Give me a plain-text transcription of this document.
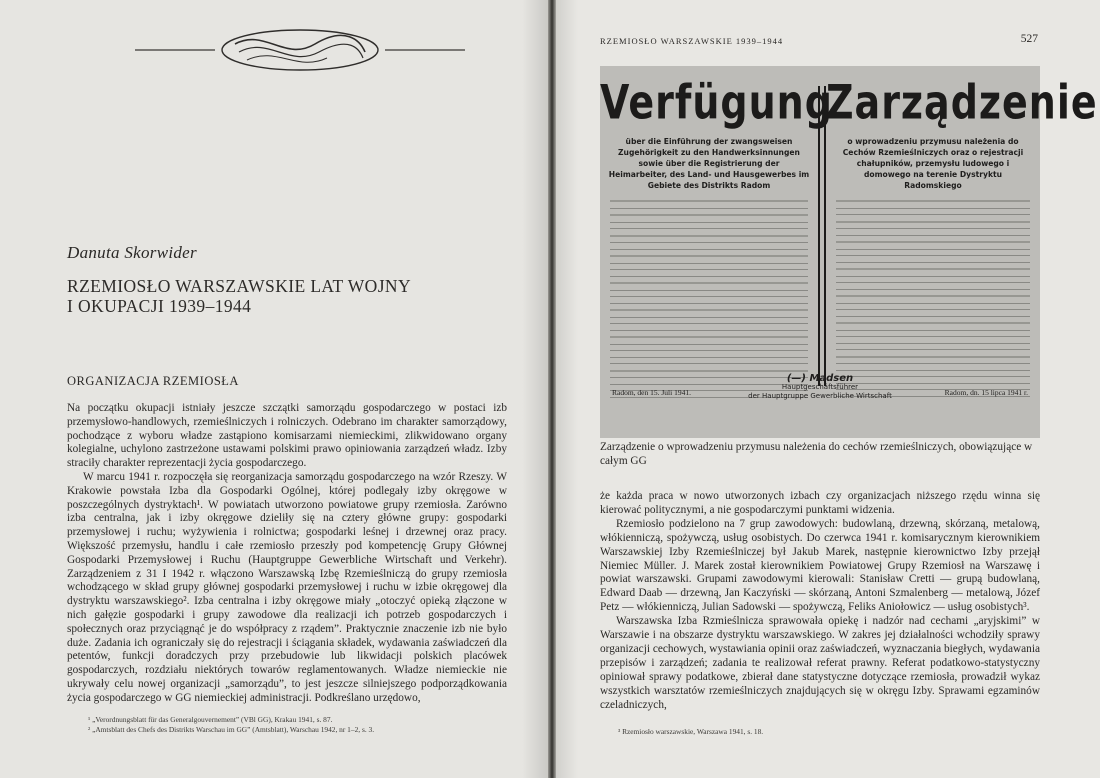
Danuta Skorwider
RZEMIOSŁO WARSZAWSKIE LAT WOJNY
I OKUPACJI 1939–1944
ORGANIZACJA RZEMIOSŁA

Na początku okupacji istniały jeszcze szczątki samorządu gospodarczego w postaci izb przemysłowo-handlowych, rzemieślniczych i rolniczych. Odebrano im charakter samorządowy, pochodzące z wyboru władze zastąpiono komisarzami niemieckimi, zlikwidowano organy kolegialne, uchylono zastrzeżone ustawami polskimi prawo opiniowania zarządzeń władz. Izby straciły charakter reprezentacji życia gospodarczego.

W marcu 1941 r. rozpoczęła się reorganizacja samorządu gospodarczego na wzór Rzeszy. W Krakowie powstała Izba dla Gospodarki Ogólnej, której podlegały izby okręgowe w poszczególnych dystryktach¹. W powiatach utworzono powiatowe grupy rzemiosła. Zarówno izba centralna, jak i izby okręgowe dzieliły się na cztery główne grupy: gospodarki przemysłowej i ruchu; wyżywienia i rolnictwa; gospodarki leśnej i drzewnej oraz pracy. Większość przemysłu, handlu i całe rzemiosło przeszły pod kompetencję Grupy Głównej Gospodarki Przemysłowej i Ruchu (Hauptgruppe Gewerbliche Wirtschaft und Verkehr). Zarządzeniem z 31 I 1942 r. włączono Warszawską Izbę Rzemieślniczą do grupy rzemiosła wchodzącego w skład grupy głównej gospodarki przemysłowej i ruchu w izbie okręgowej dla dystryktu warszawskiego². Izba centralna i izby okręgowe miały „otoczyć opieką złączone w nich gałęzie gospodarki i grupy zawodowe dla realizacji ich potrzeb gospodarczych i społecznych oraz przyciągnąć je do współpracy z rządem”. Praktycznie znaczenie izb nie było duże. Zadania ich ograniczały się do rejestracji i ściągania składek, wydawania zaświadczeń dla petentów, funkcji doradczych przy przebudowie lub likwidacji polskich placówek gospodarczych, rozdziału niektórych towarów reglamentowanych. Władze niemieckie nie ukrywały celu nowej organizacji „samorządu”, to jest jeszcze silniejszego podporządkowania życia gospodarczego w GG niemieckiej administracji. Podkreślano urzędowo,

¹ „Verordnungsblatt für das Generalgouvernement” (VBl GG), Krakau 1941, s. 87.
² „Amtsblatt des Chefs des Distrikts Warschau im GG” (Amtsblatt), Warschau 1942, nr 1–2, s. 3.
RZEMIOSŁO WARSZAWSKIE 1939–1944	527
Verfügung
über die Einführung der zwangsweisen Zugehörigkeit zu den Handwerksinnungen sowie über die Registrierung der Heimarbeiter, des Land- und Hausgewerbes im Gebiete des Distrikts Radom
Radom, den 15. Juli 1941.
Zarządzenie
o wprowadzeniu przymusu należenia do Cechów Rzemieślniczych oraz o rejestracji chałupników, przemysłu ludowego i domowego na terenie Dystryktu Radomskiego
Radom, dn. 15 lipca 1941 r.
(—) Madsen
Hauptgeschäftsführer
der Hauptgruppe Gewerbliche Wirtschaft
Zarządzenie o wprowadzeniu przymusu należenia do cechów rzemieślniczych, obowiązujące w całym GG

że każda praca w nowo utworzonych izbach czy organizacjach niższego rzędu winna się kierować politycznymi, a nie gospodarczymi punktami widzenia.

Rzemiosło podzielono na 7 grup zawodowych: budowlaną, drzewną, skórzaną, metalową, włókienniczą, spożywczą, usług osobistych. Do czerwca 1941 r. komisarycznym kierownikiem Warszawskiej Izby Rzemieślniczej był Jakub Marek, następnie kierownictwo Izby przejął Niemiec Müller. J. Marek został kierownikiem Powiatowej Grupy Rzemiosł na Warszawę i powiat warszawski. Grupami zawodowymi kierowali: Stanisław Cretti — grupą budowlaną, Edward Daab — drzewną, Jan Kaczyński — skórzaną, Antoni Szmalenberg — metalową, Józef Petz — włókienniczą, Julian Sadowski — spożywczą, Feliks Aniołowicz — usług osobistych³.

Warszawska Izba Rzmieślnicza sprawowała opiekę i nadzór nad cechami „aryjskimi” w Warszawie i na obszarze dystryktu warszawskiego. W zakres jej działalności wchodziły sprawy organizacji cechowych, wystawiania opinii oraz zaświadczeń, wyznaczania biegłych, wydawania przepisów i zarządzeń; zadania te realizował referat prawny. Referat podatkowo-statystyczny opiniował sprawy podatkowe, zbierał dane statystyczne dotyczące rzemiosła, prowadził wykaz wszystkich warsztatów rzemieślniczych znajdujących się w okręgu Izby. Sprawami egzaminów czeladniczych,

³ Rzemiosło warszawskie, Warszawa 1941, s. 18.
